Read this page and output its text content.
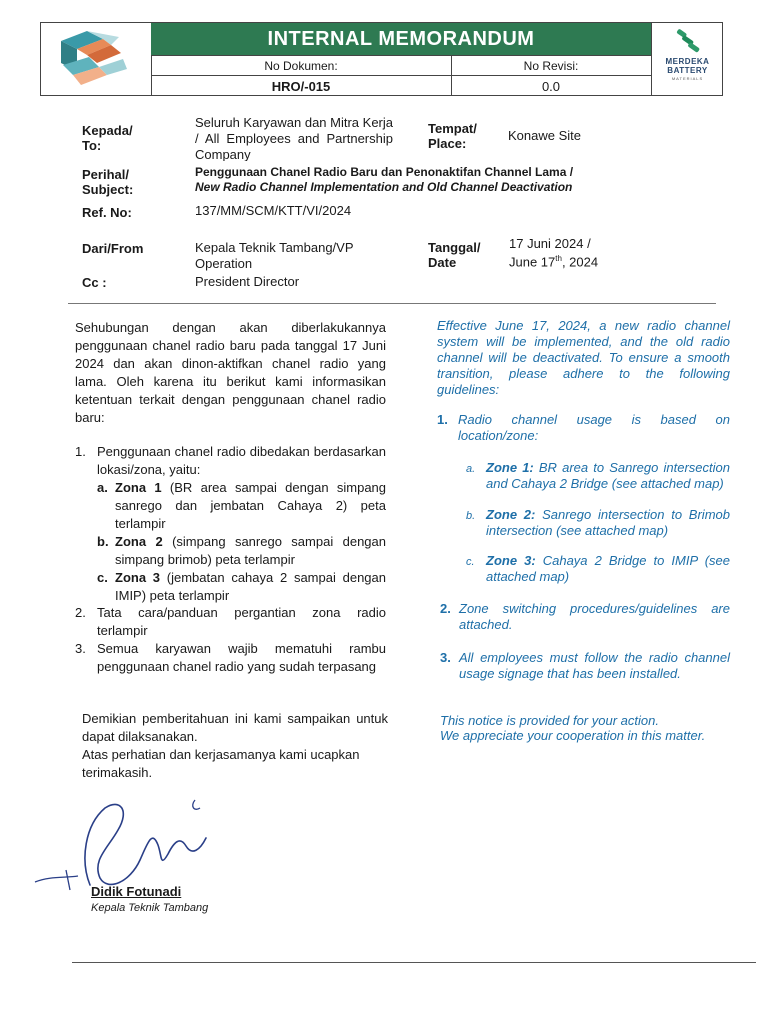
INTERNAL MEMORANDUM
MERDEKA
BATTERY
MATERIALS
No Dokumen:	No Revisi:
HRO/-015	0.0
Kepada/ To:
Seluruh Karyawan dan Mitra Kerja / All Employees and Partnership Company
Tempat/ Place:
Konawe Site
Perihal/ Subject:
Penggunaan Chanel Radio Baru dan Penonaktifan Channel Lama /
New Radio Channel Implementation and Old Channel Deactivation
Ref. No:	137/MM/SCM/KTT/VI/2024
Dari/From	Kepala Teknik Tambang/VP Operation
Tanggal/ Date
17 Juni 2024 /
June 17th, 2024
Cc :	President Director
Sehubungan dengan akan diberlakukannya penggunaan chanel radio baru pada tanggal 17 Juni 2024 dan akan dinon-aktifkan chanel radio yang lama. Oleh karena itu berikut kami informasikan ketentuan terkait dengan penggunaan chanel radio baru:
1. Penggunaan chanel radio dibedakan berdasarkan lokasi/zona, yaitu:
a. Zona 1 (BR area sampai dengan simpang sanrego dan jembatan Cahaya 2) peta terlampir
b. Zona 2 (simpang sanrego sampai dengan simpang brimob) peta terlampir
c. Zona 3 (jembatan cahaya 2 sampai dengan IMIP) peta terlampir
2. Tata cara/panduan pergantian zona radio terlampir
3. Semua karyawan wajib mematuhi rambu penggunaan chanel radio yang sudah terpasang
Demikian pemberitahuan ini kami sampaikan untuk dapat dilaksanakan.
Atas perhatian dan kerjasamanya kami ucapkan terimakasih.
Effective June 17, 2024, a new radio channel system will be implemented, and the old radio channel will be deactivated. To ensure a smooth transition, please adhere to the following guidelines:
1. Radio channel usage is based on location/zone:
a. Zone 1: BR area to Sanrego intersection and Cahaya 2 Bridge (see attached map)
b. Zone 2: Sanrego intersection to Brimob intersection (see attached map)
c. Zone 3: Cahaya 2 Bridge to IMIP (see attached map)
2. Zone switching procedures/guidelines are attached.
3. All employees must follow the radio channel usage signage that has been installed.
This notice is provided for your action.
We appreciate your cooperation in this matter.
Didik Fotunadi
Kepala Teknik Tambang
